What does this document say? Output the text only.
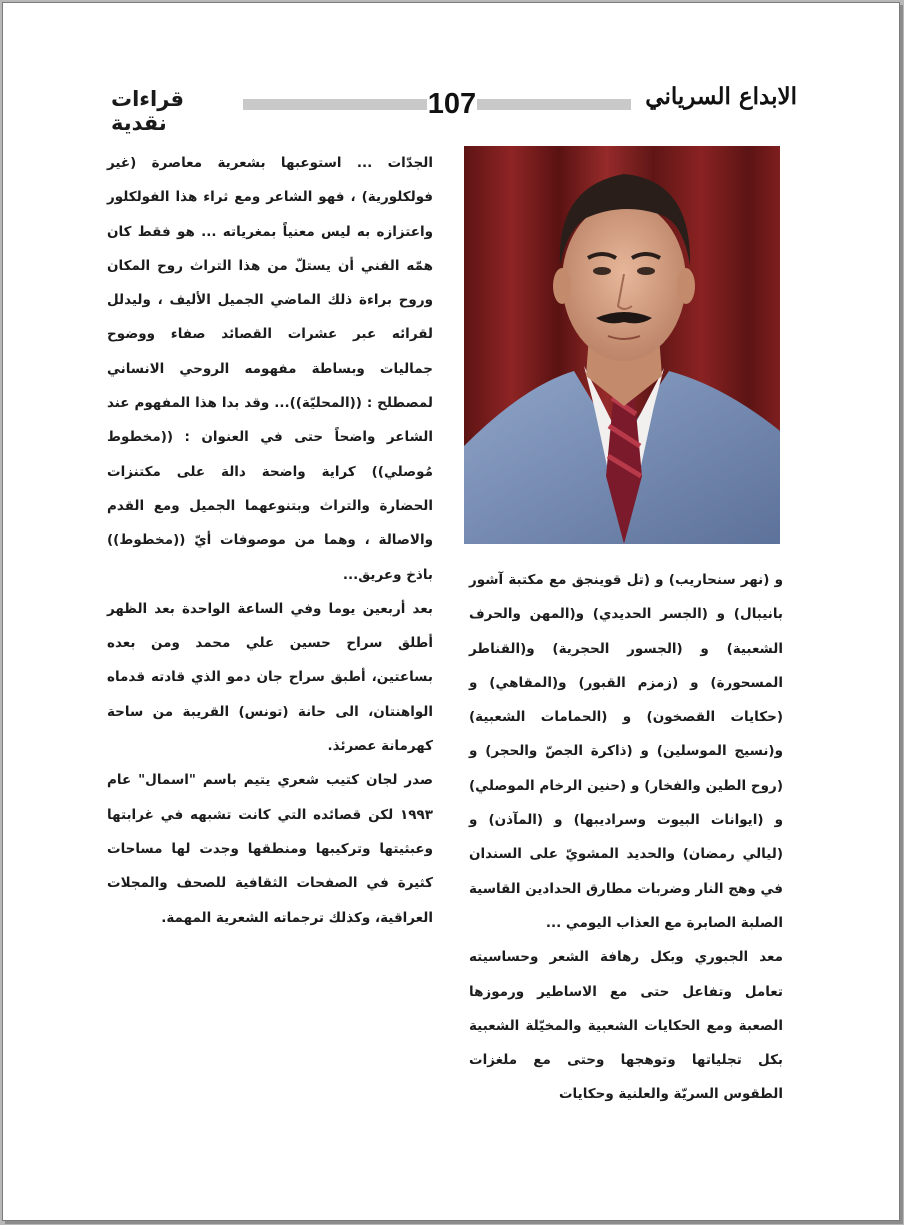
قراءات نقدية
107	الابداع السرياني

الجدّات ... استوعبها بشعرية معاصرة (غير فولكلورية) ، فهو الشاعر ومع ثراء هذا الفولكلور واعتزازه به ليس معنياً بمغرياته ... هو فقط كان همّه الفني أن يستلّ من هذا التراث روح المكان وروح براءة ذلك الماضي الجميل الأليف ، وليدلل لقرائه عبر عشرات القصائد صفاء ووضوح جماليات وبساطة مفهومه الروحي الانساني لمصطلح : ((المحليّة))... وقد بدا هذا المفهوم عند الشاعر واضحاً حتى في العنوان : ((مخطوط مُوصلي)) كراية واضحة دالة على مكتنزات الحضارة والتراث وبتنوعهما الجميل ومع القدم والاصالة ، وهما من موصوفات أيّ ((مخطوط)) باذخ وعريق...

بعد أربعين يوما وفي الساعة الواحدة بعد الظهر أطلق سراح حسين علي محمد ومن بعده بساعتين، أطبق سراح جان دمو الذي قادته قدماه الواهنتان، الى حانة (تونس) القريبة من ساحة كهرمانة عصرئذ.

صدر لجان كتيب شعري يتيم باسم "اسمال" عام ١٩٩٣ لكن قصائده التي كانت تشبهه في غرابتها وعبثيتها وتركيبها ومنطقها وجدت لها مساحات كثيرة في الصفحات الثقافية للصحف والمجلات العراقية، وكذلك ترجماته الشعرية المهمة.

و (نهر سنحاريب) و (تل قوينجق مع مكتبة آشور بانيبال) و (الجسر الحديدي) و(المهن والحرف الشعبية) و (الجسور الحجرية) و(القناطر المسحورة) و (زمزم القبور) و(المقاهي) و (حكايات القصخون) و (الحمامات الشعبية) و(نسيج الموسلين) و (ذاكرة الجصّ والحجر) و (روح الطين والفخار) و (حنين الرخام الموصلي) و (ايوانات البيوت وسراديبها) و (المآذن) و (ليالي رمضان) والحديد المشويّ على السندان في وهج النار وضربات مطارق الحدادين القاسية الصلبة الصابرة مع العذاب اليومي ...

معد الجبوري وبكل رهافة الشعر وحساسيته تعامل وتفاعل حتى مع الاساطير ورموزها الصعبة ومع الحكايات الشعبية والمخيّلة الشعبية بكل تجلياتها وتوهجها وحتى مع ملغزات الطقوس السريّة والعلنية وحكايات
